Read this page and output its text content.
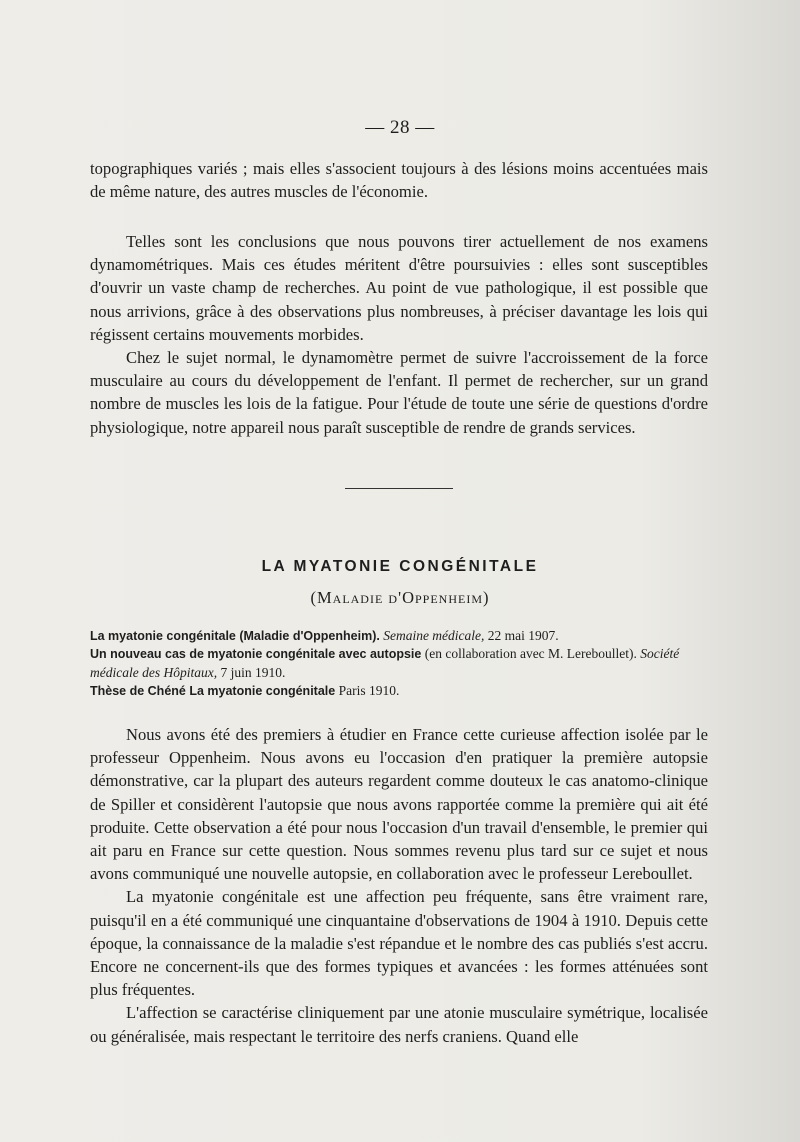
— 28 —

topographiques variés ; mais elles s'associent toujours à des lésions moins accentuées mais de même nature, des autres muscles de l'économie.

Telles sont les conclusions que nous pouvons tirer actuellement de nos examens dynamométriques. Mais ces études méritent d'être poursuivies : elles sont susceptibles d'ouvrir un vaste champ de recherches. Au point de vue pathologique, il est possible que nous arrivions, grâce à des observations plus nombreuses, à préciser davantage les lois qui régissent certains mouvements morbides.

Chez le sujet normal, le dynamomètre permet de suivre l'accroissement de la force musculaire au cours du développement de l'enfant. Il permet de rechercher, sur un grand nombre de muscles les lois de la fatigue. Pour l'étude de toute une série de questions d'ordre physiologique, notre appareil nous paraît susceptible de rendre de grands services.

LA MYATONIE CONGÉNITALE
(Maladie d'Oppenheim)

La myatonie congénitale (Maladie d'Oppenheim). Semaine médicale, 22 mai 1907.

Un nouveau cas de myatonie congénitale avec autopsie (en collaboration avec M. Lereboullet). Société médicale des Hôpitaux, 7 juin 1910.

Thèse de Chéné La myatonie congénitale Paris 1910.

Nous avons été des premiers à étudier en France cette curieuse affection isolée par le professeur Oppenheim. Nous avons eu l'occasion d'en pratiquer la première autopsie démonstrative, car la plupart des auteurs regardent comme douteux le cas anatomo-clinique de Spiller et considèrent l'autopsie que nous avons rapportée comme la première qui ait été produite. Cette observation a été pour nous l'occasion d'un travail d'ensemble, le premier qui ait paru en France sur cette question. Nous sommes revenu plus tard sur ce sujet et nous avons communiqué une nouvelle autopsie, en collaboration avec le professeur Lereboullet.

La myatonie congénitale est une affection peu fréquente, sans être vraiment rare, puisqu'il en a été communiqué une cinquantaine d'observations de 1904 à 1910. Depuis cette époque, la connaissance de la maladie s'est répandue et le nombre des cas publiés s'est accru. Encore ne concernent-ils que des formes typiques et avancées : les formes atténuées sont plus fréquentes.

L'affection se caractérise cliniquement par une atonie musculaire symétrique, localisée ou généralisée, mais respectant le territoire des nerfs craniens. Quand elle
